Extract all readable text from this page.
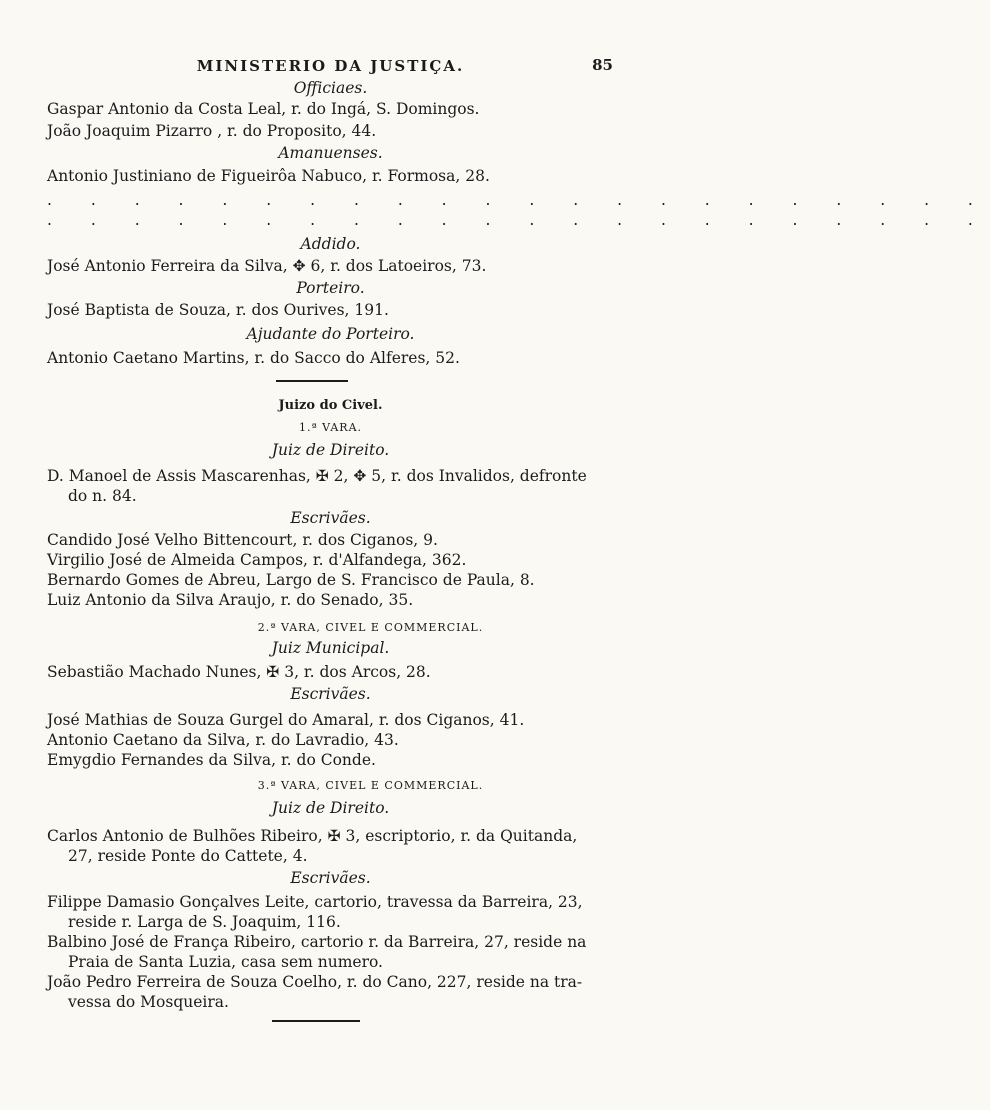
MINISTERIO DA JUSTIÇA.	85
Officiaes.
Gaspar Antonio da Costa Leal, r. do Ingá, S. Domingos.
João Joaquim Pizarro , r. do Proposito, 44.
Amanuenses.
Antonio Justiniano de Figueirôa Nabuco, r. Formosa, 28.
. . . . . . . . . . . . . . . . . . . . . .
. . . . . . . . . . . . . . . . . . . . . .
Addido.
José Antonio Ferreira da Silva, ✥ 6, r. dos Latoeiros, 73.
Porteiro.
José Baptista de Souza, r. dos Ourives, 191.
Ajudante do Porteiro.
Antonio Caetano Martins, r. do Sacco do Alferes, 52.
Juizo do Civel.
1.ª VARA.
Juiz de Direito.
D. Manoel de Assis Mascarenhas, ✠ 2, ✥ 5, r. dos Invalidos, defronte
do n. 84.
Escrivães.
Candido José Velho Bittencourt, r. dos Ciganos, 9.
Virgilio José de Almeida Campos, r. d'Alfandega, 362.
Bernardo Gomes de Abreu, Largo de S. Francisco de Paula, 8.
Luiz Antonio da Silva Araujo, r. do Senado, 35.
2.ª VARA, CIVEL E COMMERCIAL.
Juiz Municipal.
Sebastião Machado Nunes, ✠ 3, r. dos Arcos, 28.
Escrivães.
José Mathias de Souza Gurgel do Amaral, r. dos Ciganos, 41.
Antonio Caetano da Silva, r. do Lavradio, 43.
Emygdio Fernandes da Silva, r. do Conde.
3.ª VARA, CIVEL E COMMERCIAL.
Juiz de Direito.
Carlos Antonio de Bulhões Ribeiro, ✠ 3, escriptorio, r. da Quitanda,
27, reside Ponte do Cattete, 4.
Escrivães.
Filippe Damasio Gonçalves Leite, cartorio, travessa da Barreira, 23,
reside r. Larga de S. Joaquim, 116.
Balbino José de França Ribeiro, cartorio r. da Barreira, 27, reside na
Praia de Santa Luzia, casa sem numero.
João Pedro Ferreira de Souza Coelho, r. do Cano, 227, reside na tra-
vessa do Mosqueira.
